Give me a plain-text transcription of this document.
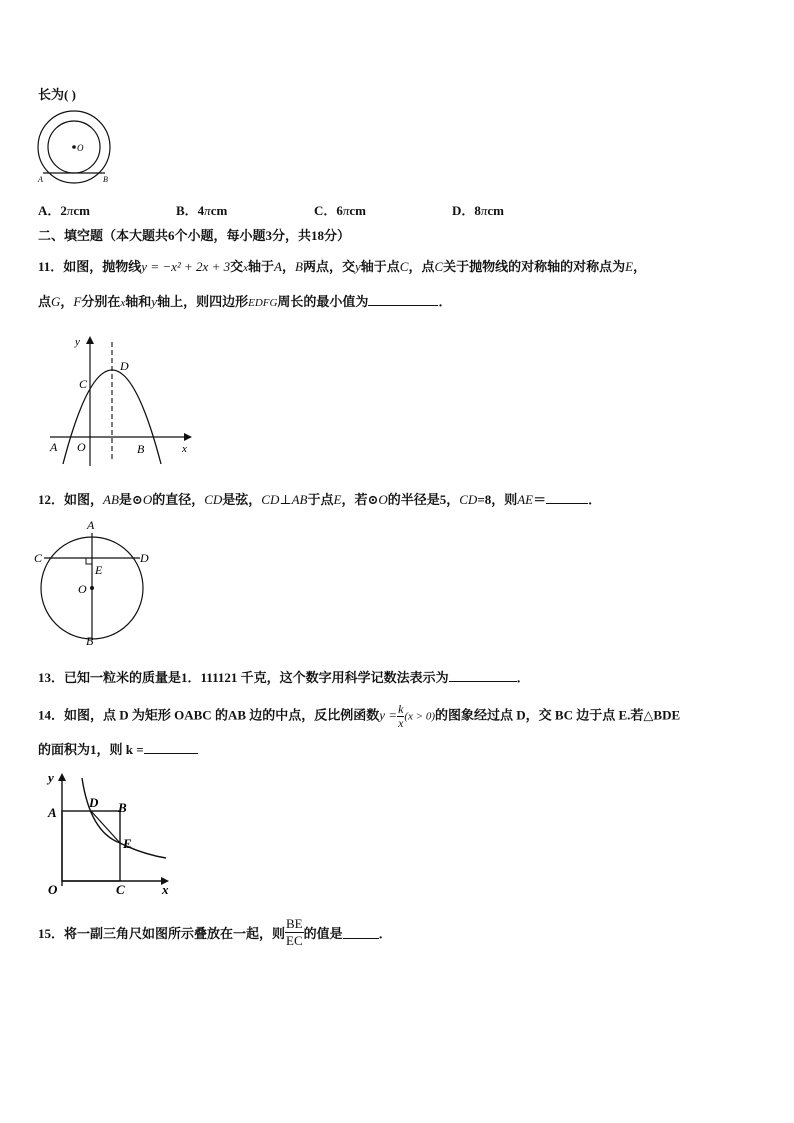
长为( )
O
A	B
A．2πcm	B．4πcm	C．6πcm	D．8πcm
二、填空题（本大题共6个小题，每小题3分，共18分）
11．如图，抛物线y = −x² + 2x + 3交x轴于A，B两点，交y轴于点C，点C关于抛物线的对称轴的对称点为E，
点G，F分别在x轴和y轴上，则四边形EDFG周长的最小值为	．
y
D
C
A O	B	x
12．如图，AB是⊙O的直径，CD是弦，CD⊥AB于点E，若⊙O的半径是5，CD=8，则AE＝	．
A
C	D
E
O
B
13．已知一粒米的质量是1．111121 千克，这个数字用科学记数法表示为	．
14．如图，点 D 为矩形 OABC 的AB 边的中点，反比例函数$y = \frac{k}{x} (x > 0)$的图象经过点 D，交 BC 边于点 E.若△BDE
的面积为1，则 k =
y
A
D B
E
O	C	x
15．将一副三角尺如图所示叠放在一起，则 $\frac{BE}{EC}$ 的值是	．
